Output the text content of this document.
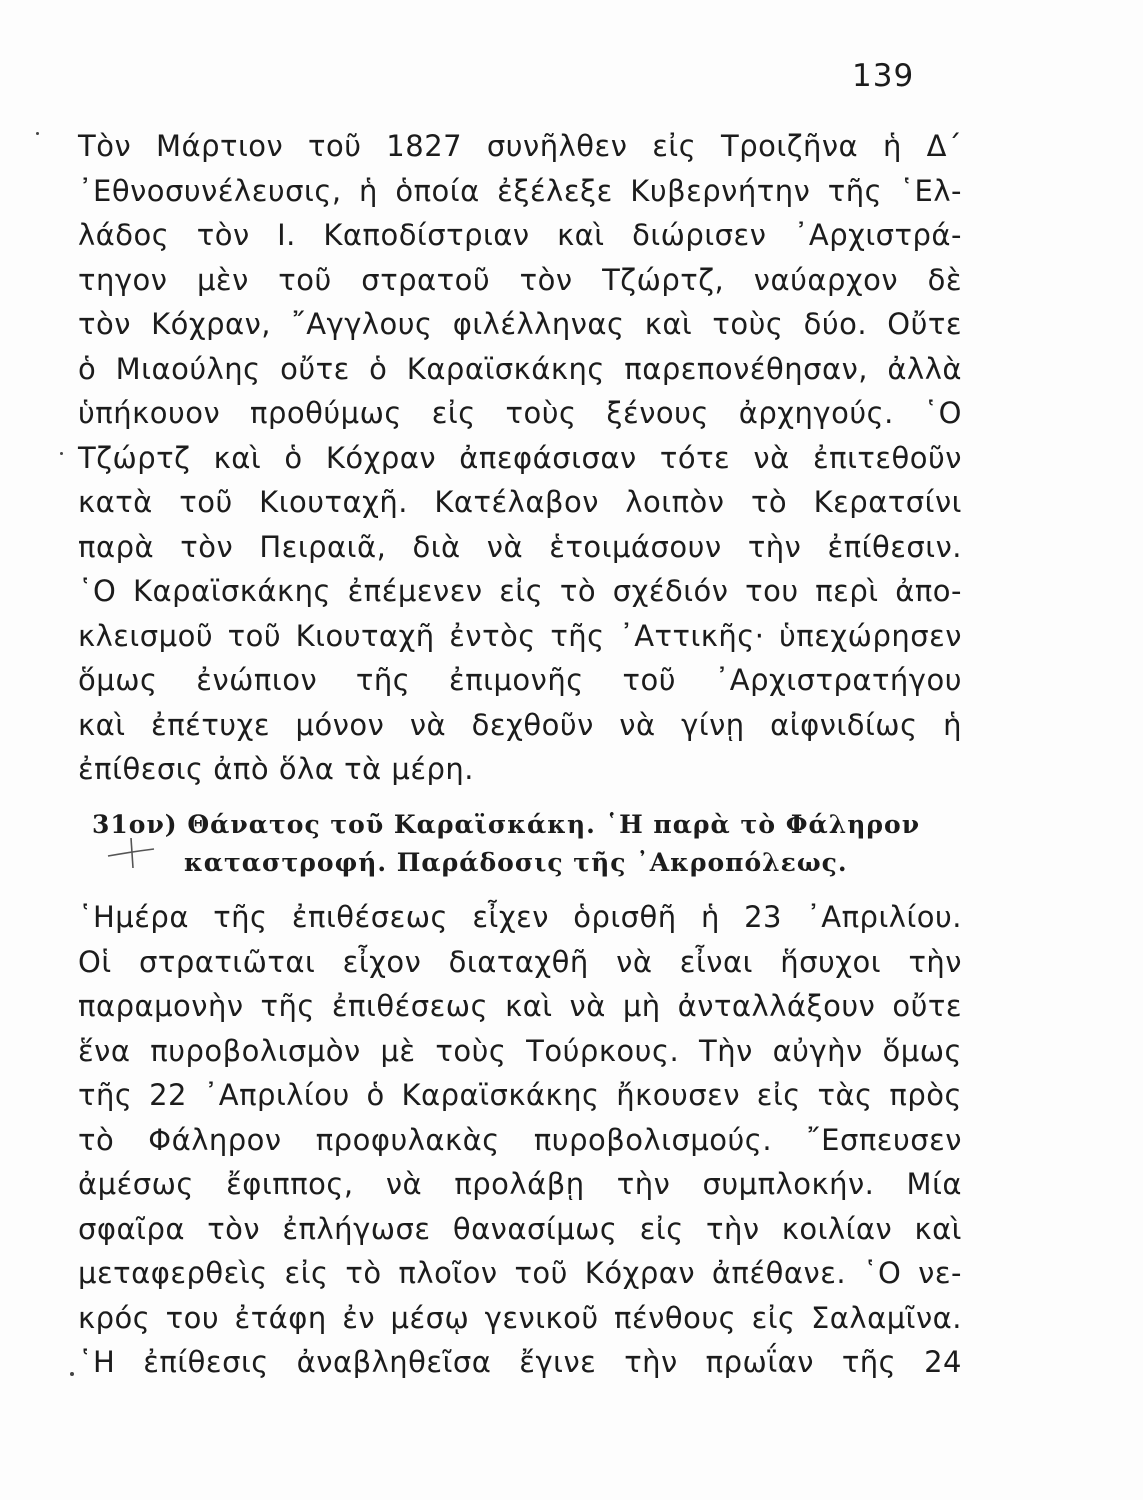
139
Τὸν Μάρτιον τοῦ 1827 συνῆλθεν εἰς Τροιζῆνα ἡ Δ΄
᾿Εθνοσυνέλευσις, ἡ ὁποία ἐξέλεξε Κυβερνήτην τῆς ῾Ελ-
λάδος τὸν Ι. Καποδίστριαν καὶ διώρισεν ᾿Αρχιστρά-
τηγον μὲν τοῦ στρατοῦ τὸν Τζώρτζ, ναύαρχον δὲ
τὸν Κόχραν, ῎Αγγλους φιλέλληνας καὶ τοὺς δύο. Οὔτε
ὁ Μιαούλης οὔτε ὁ Καραϊσκάκης παρεπονέθησαν, ἀλλὰ
ὑπήκουον προθύμως εἰς τοὺς ξένους ἀρχηγούς. ῾Ο
Τζώρτζ καὶ ὁ Κόχραν ἀπεφάσισαν τότε νὰ ἐπιτεθοῦν
κατὰ τοῦ Κιουταχῆ. Κατέλαβον λοιπὸν τὸ Κερατσίνι
παρὰ τὸν Πειραιᾶ, διὰ νὰ ἑτοιμάσουν τὴν ἐπίθεσιν.
῾Ο Καραϊσκάκης ἐπέμενεν εἰς τὸ σχέδιόν του περὶ ἀπο-
κλεισμοῦ τοῦ Κιουταχῆ ἐντὸς τῆς ᾿Αττικῆς· ὑπεχώρησεν
ὅμως ἐνώπιον τῆς ἐπιμονῆς τοῦ ᾿Αρχιστρατήγου
καὶ ἐπέτυχε μόνον νὰ δεχθοῦν νὰ γίνῃ αἰφνιδίως ἡ
ἐπίθεσις ἀπὸ ὅλα τὰ μέρη.
31ον) Θάνατος τοῦ Καραϊσκάκη. ῾Η παρὰ τὸ Φάληρον
καταστροφή. Παράδοσις τῆς ᾿Ακροπόλεως.
῾Ημέρα τῆς ἐπιθέσεως εἶχεν ὁρισθῆ ἡ 23 ᾿Απριλίου.
Οἱ στρατιῶται εἶχον διαταχθῆ νὰ εἶναι ἥσυχοι τὴν
παραμονὴν τῆς ἐπιθέσεως καὶ νὰ μὴ ἀνταλλάξουν οὔτε
ἕνα πυροβολισμὸν μὲ τοὺς Τούρκους. Τὴν αὐγὴν ὅμως
τῆς 22 ᾿Απριλίου ὁ Καραϊσκάκης ἤκουσεν εἰς τὰς πρὸς
τὸ Φάληρον προφυλακὰς πυροβολισμούς. ῎Εσπευσεν
ἀμέσως ἔφιππος, νὰ προλάβῃ τὴν συμπλοκήν. Μία
σφαῖρα τὸν ἐπλήγωσε θανασίμως εἰς τὴν κοιλίαν καὶ
μεταφερθεὶς εἰς τὸ πλοῖον τοῦ Κόχραν ἀπέθανε. ῾Ο νε-
κρός του ἐτάφη ἐν μέσῳ γενικοῦ πένθους εἰς Σαλαμῖνα.
῾Η ἐπίθεσις ἀναβληθεῖσα ἔγινε τὴν πρωΐαν τῆς 24
